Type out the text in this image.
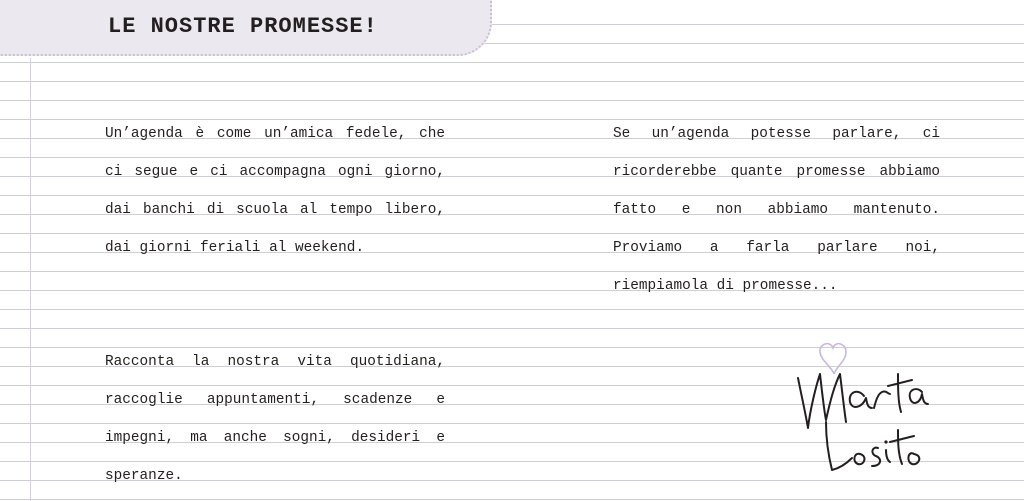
LE NOSTRE PROMESSE!

Un’agenda è come un’amica fedele, che ci segue e ci accompagna ogni giorno, dai banchi di scuola al tempo libero, dai giorni feriali al weekend.

Racconta la nostra vita quotidiana, raccoglie appuntamenti, scadenze e impegni, ma anche sogni, desideri e speranze.

Se un’agenda potesse parlare, ci ricorderebbe quante promesse abbiamo fatto e non abbiamo mantenuto. Proviamo a farla parlare noi, riempiamola di promesse...
